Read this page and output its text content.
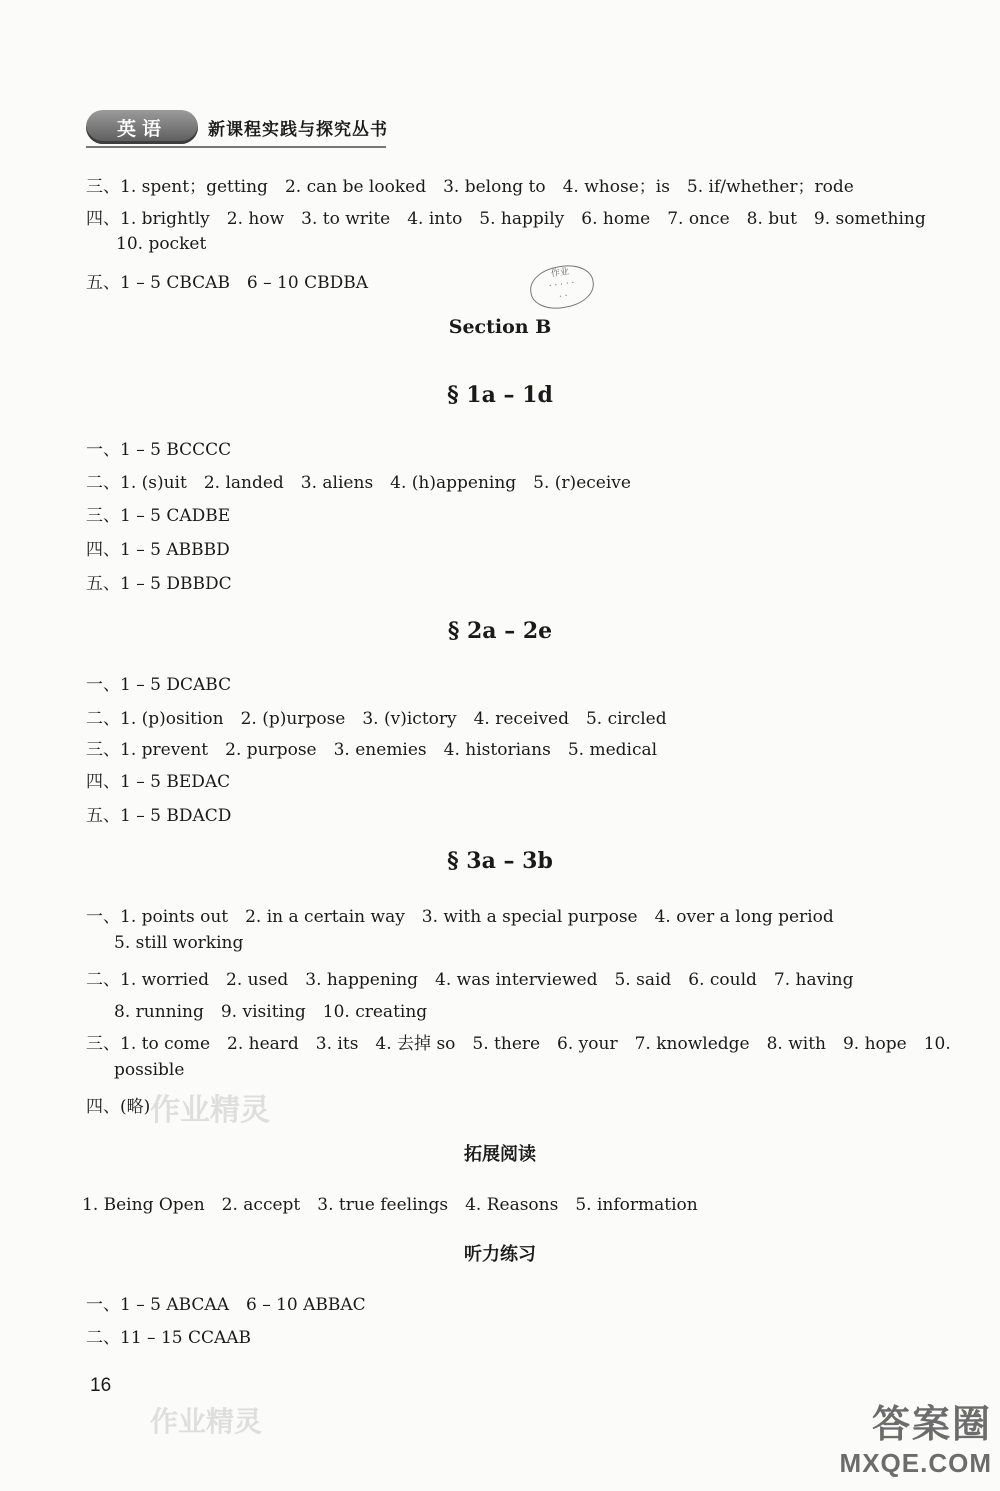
英语	新课程实践与探究丛书
三、1. spent；getting　2. can be looked　3. belong to　4. whose；is　5. if/whether；rode
四、1. brightly　2. how　3. to write　4. into　5. happily　6. home　7. once　8. but　9. something
10. pocket
五、1 – 5 CBCAB　6 – 10 CBDBA	作业
· · · · ·
· ·
Section B
§ 1a – 1d
一、1 – 5 BCCCC
二、1. (s)uit　2. landed　3. aliens　4. (h)appening　5. (r)eceive
三、1 – 5 CADBE
四、1 – 5 ABBBD
五、1 – 5 DBBDC
§ 2a – 2e
一、1 – 5 DCABC
二、1. (p)osition　2. (p)urpose　3. (v)ictory　4. received　5. circled
三、1. prevent　2. purpose　3. enemies　4. historians　5. medical
四、1 – 5 BEDAC
五、1 – 5 BDACD
§ 3a – 3b
一、1. points out　2. in a certain way　3. with a special purpose　4. over a long period
5. still working
二、1. worried　2. used　3. happening　4. was interviewed　5. said　6. could　7. having
8. running　9. visiting　10. creating
三、1. to come　2. heard　3. its　4. 去掉 so　5. there　6. your　7. knowledge　8. with　9. hope　10.
possible
四、(略) 作业精灵
拓展阅读
1. Being Open　2. accept　3. true feelings　4. Reasons　5. information
听力练习
一、1 – 5 ABCAA　6 – 10 ABBAC
二、11 – 15 CCAAB
16
作业精灵	答案圈
MXQE.COM
